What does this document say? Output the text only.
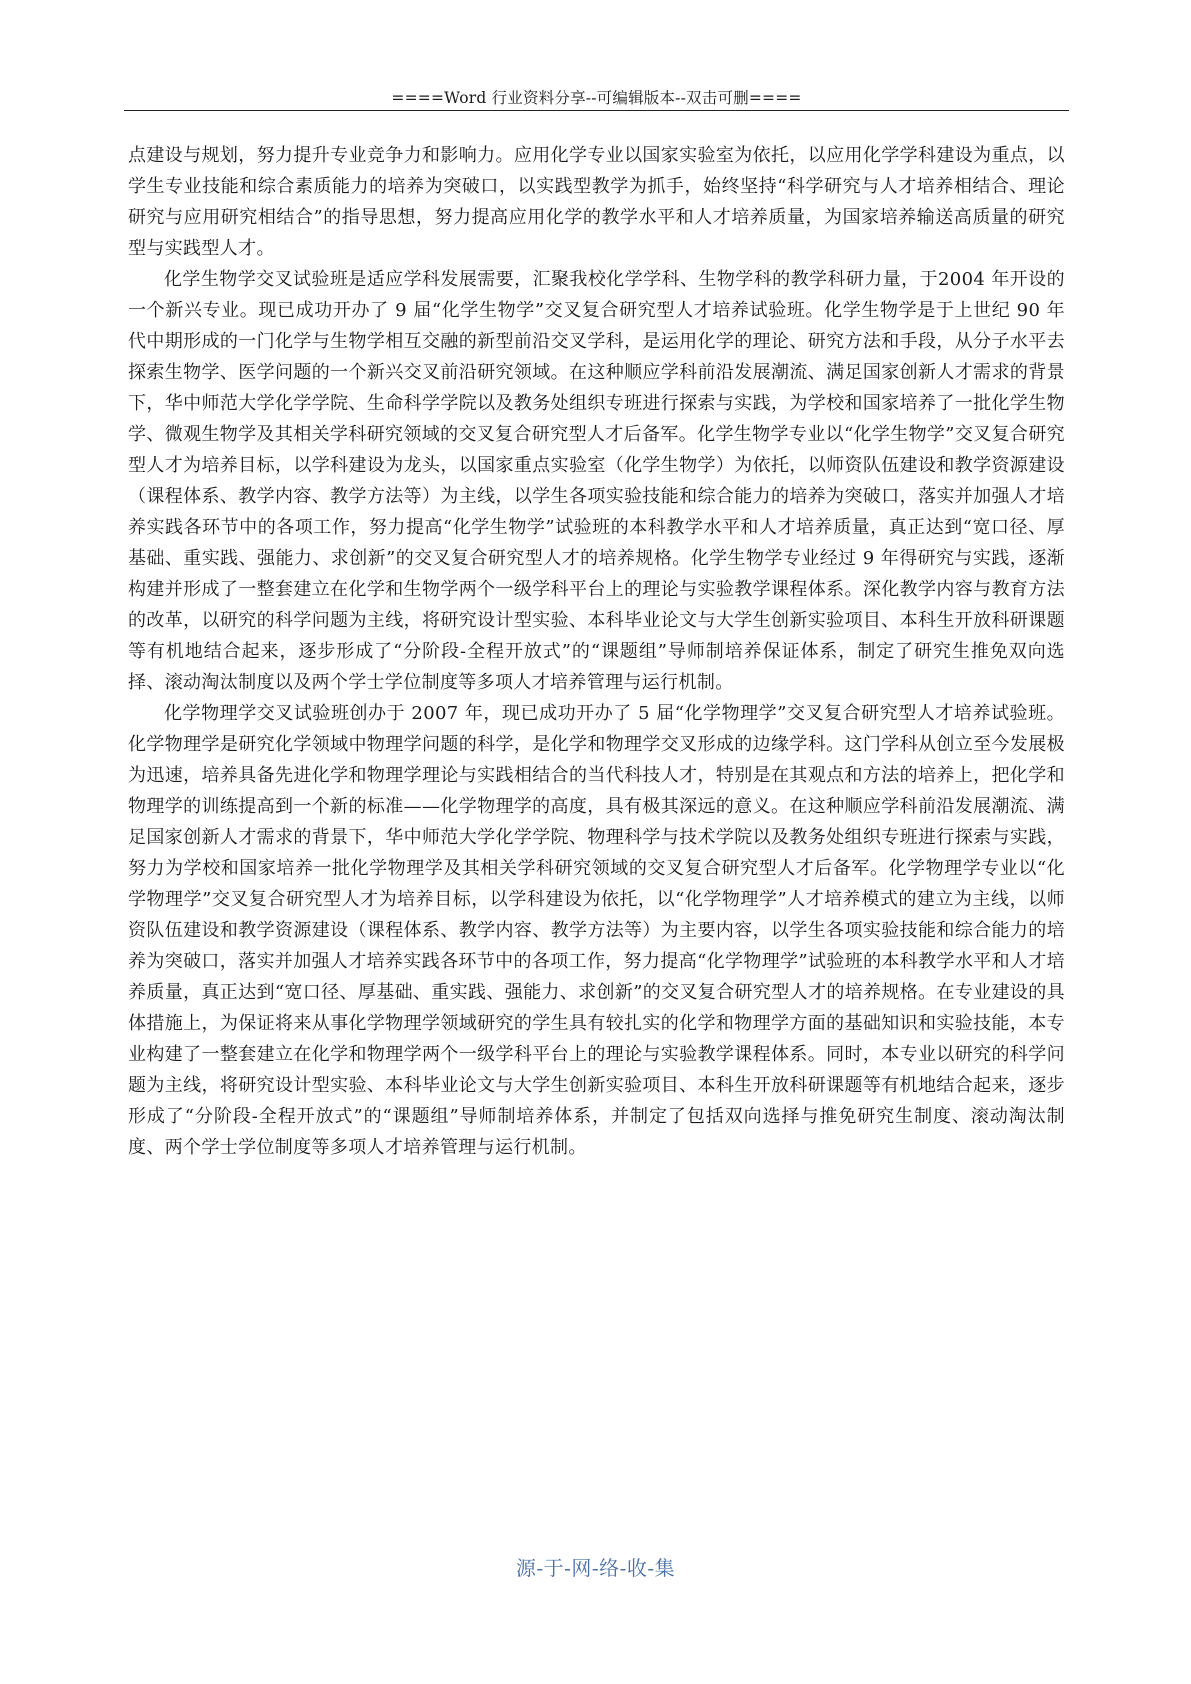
====Word 行业资料分享--可编辑版本--双击可删====

点建设与规划，努力提升专业竞争力和影响力。应用化学专业以国家实验室为依托，以应用化学学科建设为重点，以学生专业技能和综合素质能力的培养为突破口，以实践型教学为抓手，始终坚持“科学研究与人才培养相结合、理论研究与应用研究相结合”的指导思想，努力提高应用化学的教学水平和人才培养质量，为国家培养输送高质量的研究型与实践型人才。

化学生物学交叉试验班是适应学科发展需要，汇聚我校化学学科、生物学科的教学科研力量，于2004 年开设的一个新兴专业。现已成功开办了 9 届“化学生物学”交叉复合研究型人才培养试验班。化学生物学是于上世纪 90 年代中期形成的一门化学与生物学相互交融的新型前沿交叉学科，是运用化学的理论、研究方法和手段，从分子水平去探索生物学、医学问题的一个新兴交叉前沿研究领域。在这种顺应学科前沿发展潮流、满足国家创新人才需求的背景下，华中师范大学化学学院、生命科学学院以及教务处组织专班进行探索与实践，为学校和国家培养了一批化学生物学、微观生物学及其相关学科研究领域的交叉复合研究型人才后备军。化学生物学专业以“化学生物学”交叉复合研究型人才为培养目标，以学科建设为龙头，以国家重点实验室（化学生物学）为依托，以师资队伍建设和教学资源建设（课程体系、教学内容、教学方法等）为主线，以学生各项实验技能和综合能力的培养为突破口，落实并加强人才培养实践各环节中的各项工作，努力提高“化学生物学”试验班的本科教学水平和人才培养质量，真正达到“宽口径、厚基础、重实践、强能力、求创新”的交叉复合研究型人才的培养规格。化学生物学专业经过 9 年得研究与实践，逐渐构建并形成了一整套建立在化学和生物学两个一级学科平台上的理论与实验教学课程体系。深化教学内容与教育方法的改革，以研究的科学问题为主线，将研究设计型实验、本科毕业论文与大学生创新实验项目、本科生开放科研课题等有机地结合起来，逐步形成了“分阶段-全程开放式”的“课题组”导师制培养保证体系，制定了研究生推免双向选择、滚动淘汰制度以及两个学士学位制度等多项人才培养管理与运行机制。

化学物理学交叉试验班创办于 2007 年，现已成功开办了 5 届“化学物理学”交叉复合研究型人才培养试验班。化学物理学是研究化学领域中物理学问题的科学，是化学和物理学交叉形成的边缘学科。这门学科从创立至今发展极为迅速，培养具备先进化学和物理学理论与实践相结合的当代科技人才，特别是在其观点和方法的培养上，把化学和物理学的训练提高到一个新的标准——化学物理学的高度，具有极其深远的意义。在这种顺应学科前沿发展潮流、满足国家创新人才需求的背景下，华中师范大学化学学院、物理科学与技术学院以及教务处组织专班进行探索与实践，努力为学校和国家培养一批化学物理学及其相关学科研究领域的交叉复合研究型人才后备军。化学物理学专业以“化学物理学”交叉复合研究型人才为培养目标，以学科建设为依托，以“化学物理学”人才培养模式的建立为主线，以师资队伍建设和教学资源建设（课程体系、教学内容、教学方法等）为主要内容，以学生各项实验技能和综合能力的培养为突破口，落实并加强人才培养实践各环节中的各项工作，努力提高“化学物理学”试验班的本科教学水平和人才培养质量，真正达到“宽口径、厚基础、重实践、强能力、求创新”的交叉复合研究型人才的培养规格。在专业建设的具体措施上，为保证将来从事化学物理学领域研究的学生具有较扎实的化学和物理学方面的基础知识和实验技能，本专业构建了一整套建立在化学和物理学两个一级学科平台上的理论与实验教学课程体系。同时，本专业以研究的科学问题为主线，将研究设计型实验、本科毕业论文与大学生创新实验项目、本科生开放科研课题等有机地结合起来，逐步形成了“分阶段-全程开放式”的“课题组”导师制培养体系，并制定了包括双向选择与推免研究生制度、滚动淘汰制度、两个学士学位制度等多项人才培养管理与运行机制。

源-于-网-络-收-集
